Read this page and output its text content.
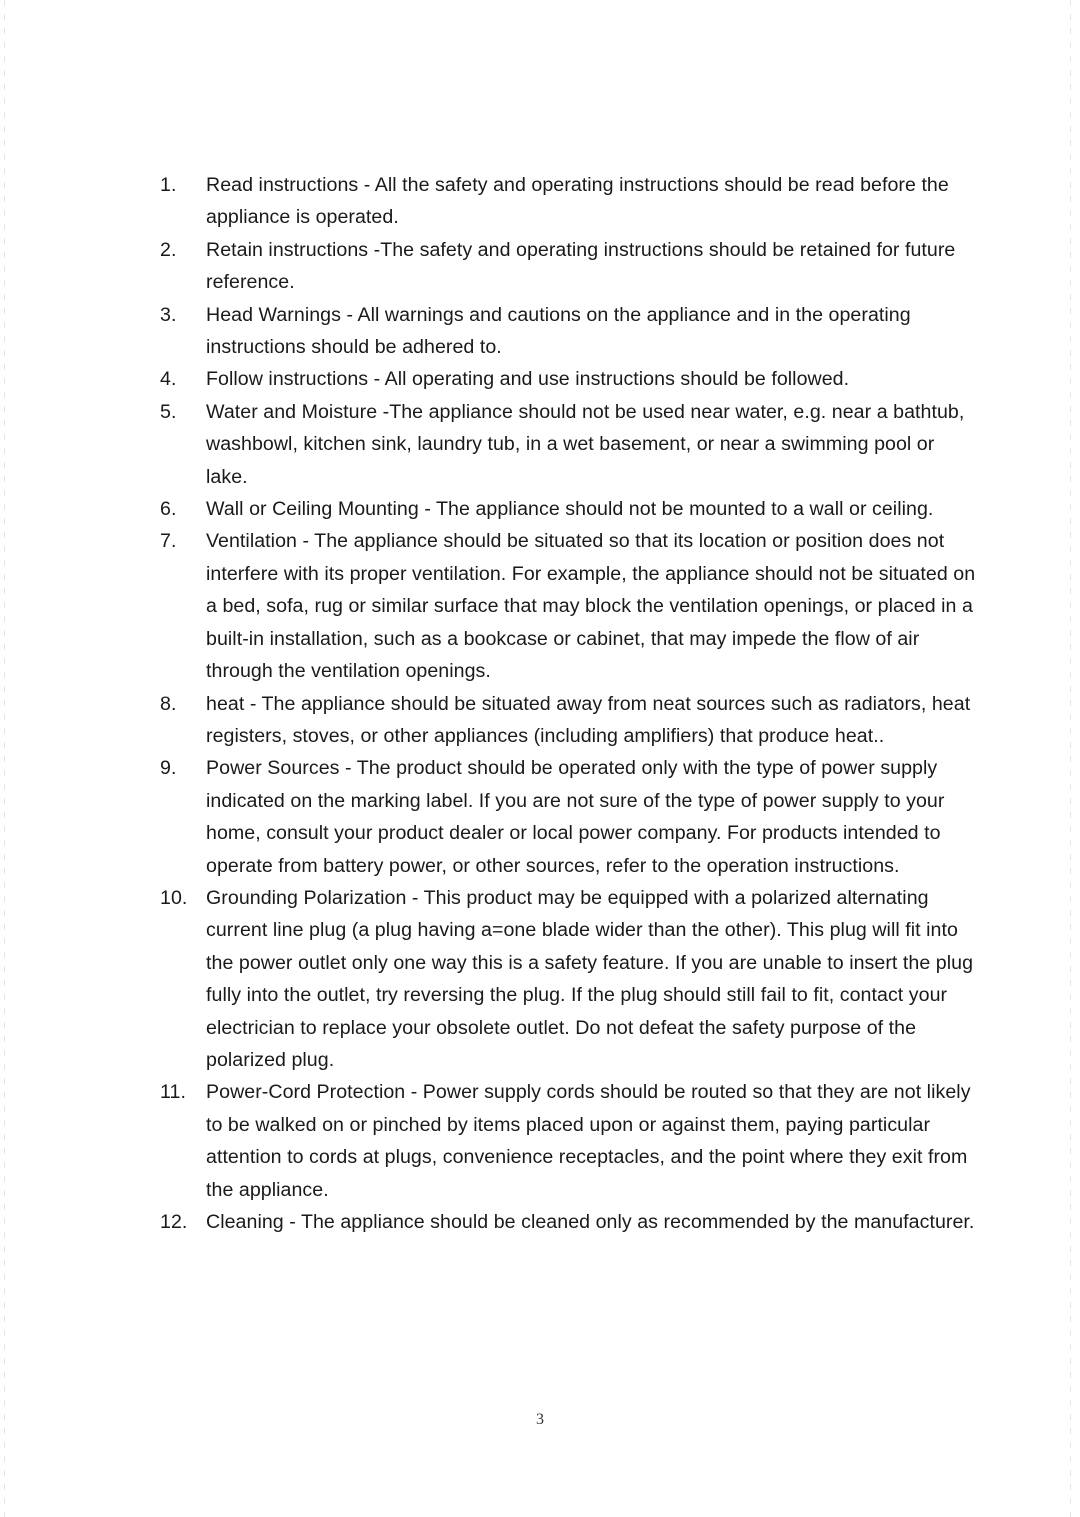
1.	Read instructions - All the safety and operating instructions should be read before the appliance is operated.
2.	Retain instructions -The safety and operating instructions should be retained for future reference.
3.	Head Warnings - All warnings and cautions on the appliance and in the operating instructions should be adhered to.
4.	Follow instructions - All operating and use instructions should be followed.
5.	Water and Moisture -The appliance should not be used near water, e.g. near a bathtub, washbowl, kitchen sink, laundry tub, in a wet basement, or near a swimming pool or lake.
6.	Wall or Ceiling Mounting - The appliance should not be mounted to a wall or ceiling.
7.	Ventilation - The appliance should be situated so that its location or position does not interfere with its proper ventilation. For example, the appliance should not be situated on a bed, sofa, rug or similar surface that may block the ventilation openings, or placed in a built-in installation, such as a bookcase or cabinet, that may impede the flow of air through the ventilation openings.
8.	heat - The appliance should be situated away from neat sources such as radiators, heat registers, stoves, or other appliances (including amplifiers) that produce heat..
9.	Power Sources - The product should be operated only with the type of power supply indicated on the marking label. If you are not sure of the type of power supply to your home, consult your product dealer or local power company. For products intended to operate from battery power, or other sources, refer to the operation instructions.
10. Grounding Polarization - This product may be equipped with a polarized alternating current line plug (a plug having a=one blade wider than the other). This plug will fit into the power outlet only one way this is a safety feature. If you are unable to insert the plug fully into the outlet, try reversing the plug. If the plug should still fail to fit, contact your electrician to replace your obsolete outlet. Do not defeat the safety purpose of the polarized plug.
11.	Power-Cord Protection - Power supply cords should be routed so that they are not likely to be walked on or pinched by items placed upon or against them, paying particular attention to cords at plugs, convenience receptacles, and the point where they exit from the appliance.
12. Cleaning - The appliance should be cleaned only as recommended by the manufacturer.
3
